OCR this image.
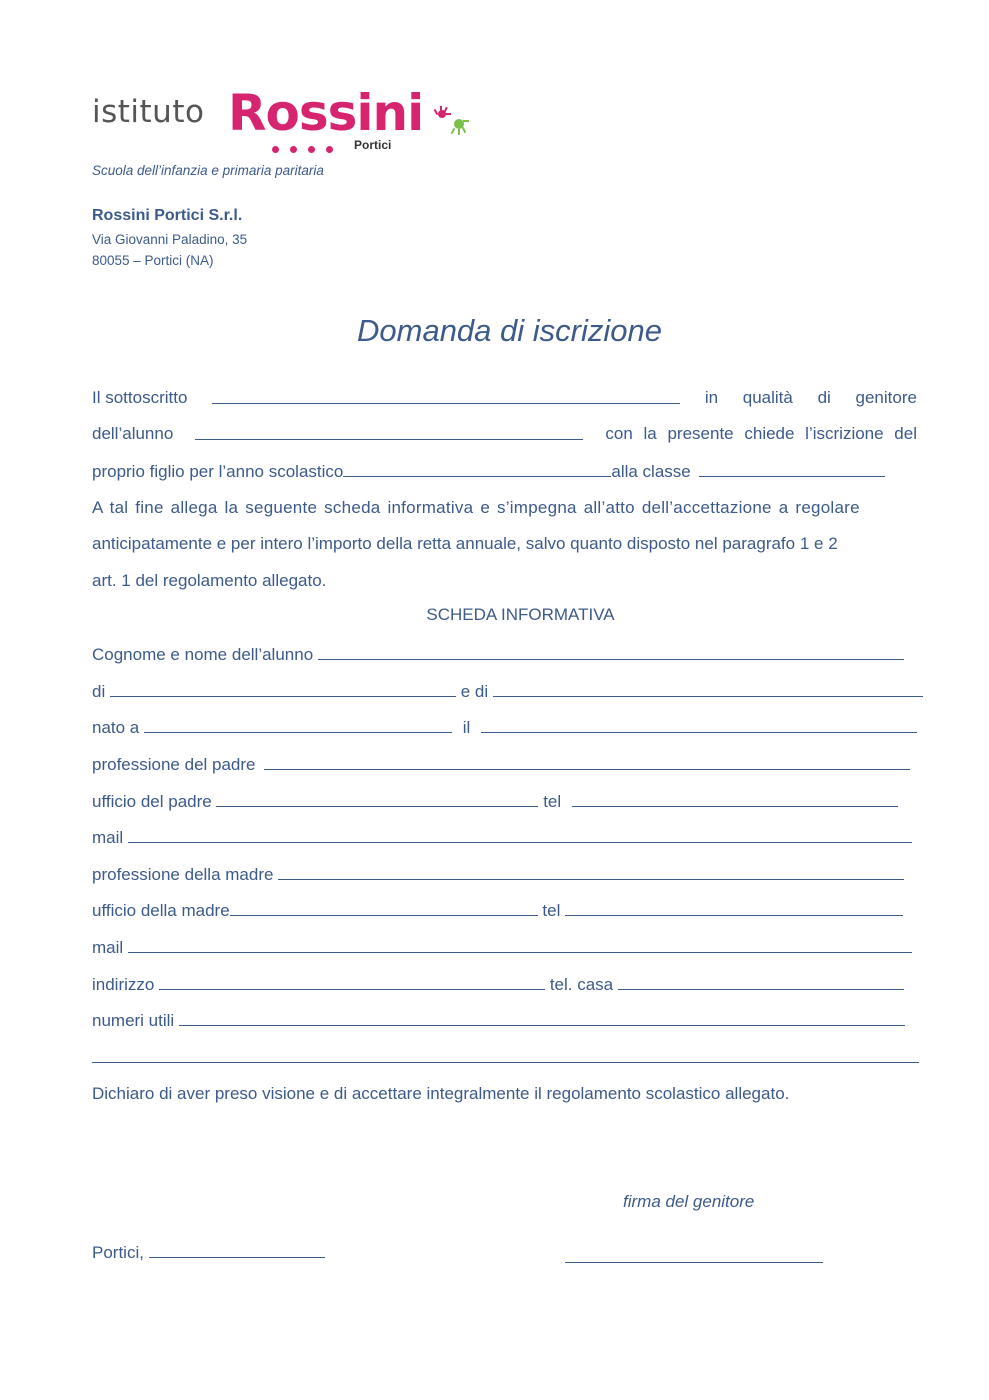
istituto Rossini
Portici
Scuola dell’infanzia e primaria paritaria
Rossini Portici S.r.l.
Via Giovanni Paladino, 35
80055 – Portici (NA)
Domanda di iscrizione
Il sottoscritto	in qualità di genitore
dell’alunno	con la presente chiede l’iscrizione del
proprio figlio per l’anno scolastico	alla classe
A tal fine allega la seguente scheda informativa e s’impegna all’atto dell’accettazione a regolare
anticipatamente e per intero l’importo della retta annuale, salvo quanto disposto nel paragrafo 1 e 2
art. 1 del regolamento allegato.
SCHEDA INFORMATIVA
Cognome e nome dell’alunno
di	e di
nato a	il
professione del padre
ufficio del padre	tel
mail
professione della madre
ufficio della madre	tel
mail
indirizzo	tel. casa
numeri utili
Dichiaro di aver preso visione e di accettare integralmente il regolamento scolastico allegato.
firma del genitore
Portici,
